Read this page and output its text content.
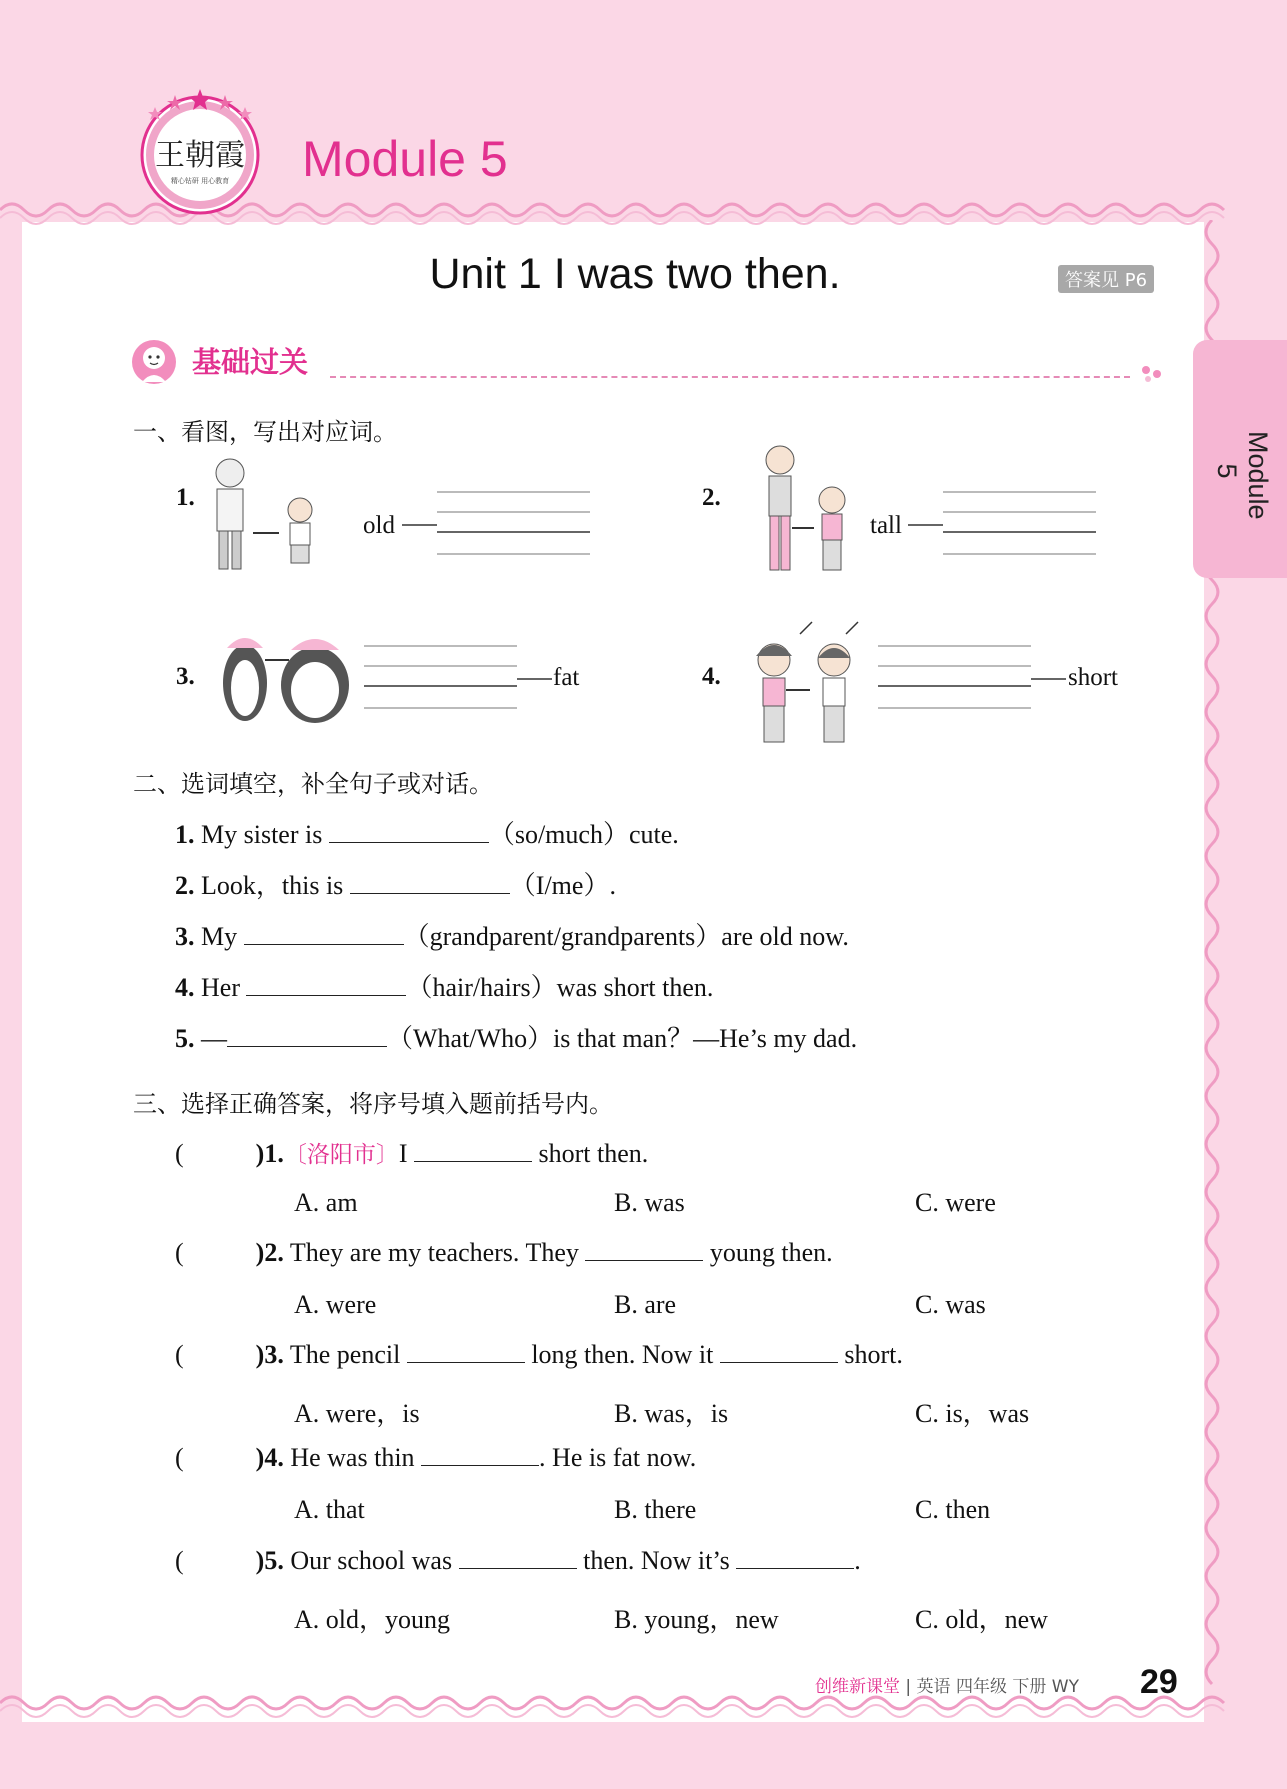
王朝霞
精心钻研 用心教育 Module 5
Unit 1 I was two then.	答案见 P6
Module 5
基础过关
一、看图，写出对应词。
1.
old
2.
tall
3.	fat	4.	short
二、选词填空，补全句子或对话。
1. My sister is	（so/much）cute.
2. Look，this is	（I/me）.
3. My	（grandparent/grandparents）are old now.
4. Her	（hair/hairs）was short then.
5. —	（What/Who）is that man？—He’s my dad.
三、选择正确答案，将序号填入题前括号内。
(	)1.〔洛阳市〕I	short then.
A. am	B. was	C. were
(	)2. They are my teachers. They	young then.
A. were	B. are	C. was
(	)3. The pencil	long then. Now it	short.
A. were，is	B. was，is	C. is，was
(	)4. He was thin	. He is fat now.
A. that	B. there	C. then
(	)5. Our school was	then. Now it’s	.
A. old，young	B. young，new	C. old，new
创维新课堂 | 英语 四年级 下册 WY 29
